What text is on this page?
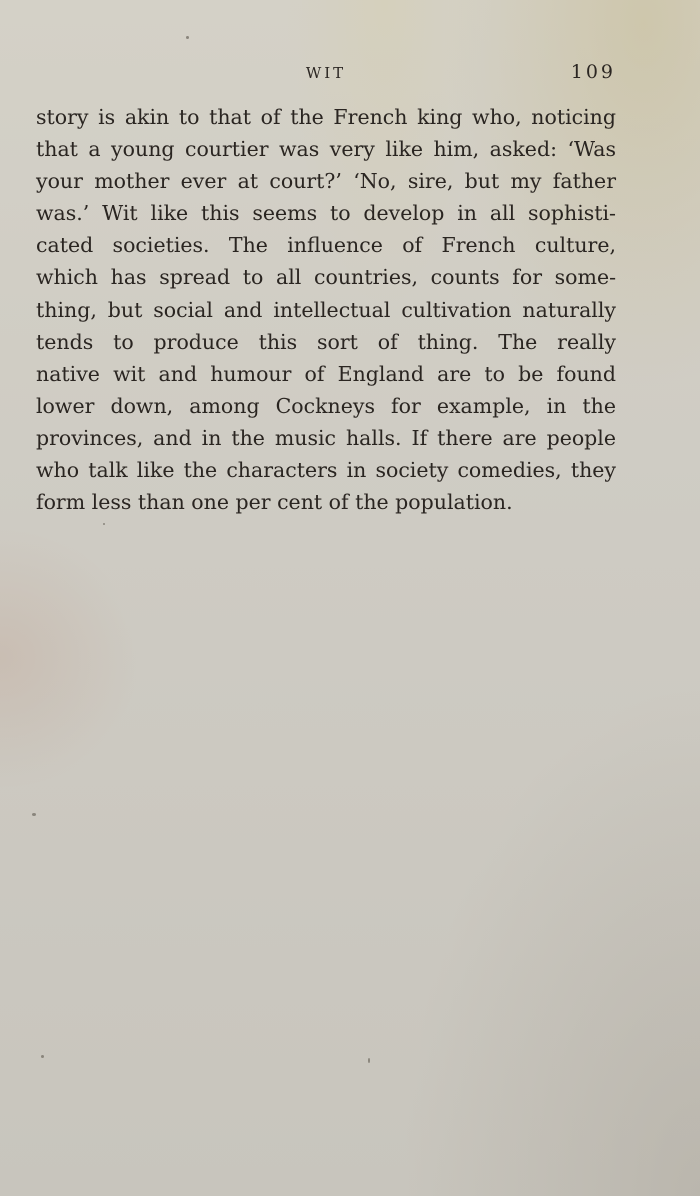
WIT	109
story is akin to that of the French king who, noticing
that a young courtier was very like him, asked: ‘Was
your mother ever at court?’ ‘No, sire, but my father
was.’ Wit like this seems to develop in all sophisti-
cated societies. The influence of French culture,
which has spread to all countries, counts for some-
thing, but social and intellectual cultivation naturally
tends to produce this sort of thing. The really
native wit and humour of England are to be found
lower down, among Cockneys for example, in the
provinces, and in the music halls. If there are people
who talk like the characters in society comedies, they
form less than one per cent of the population.
